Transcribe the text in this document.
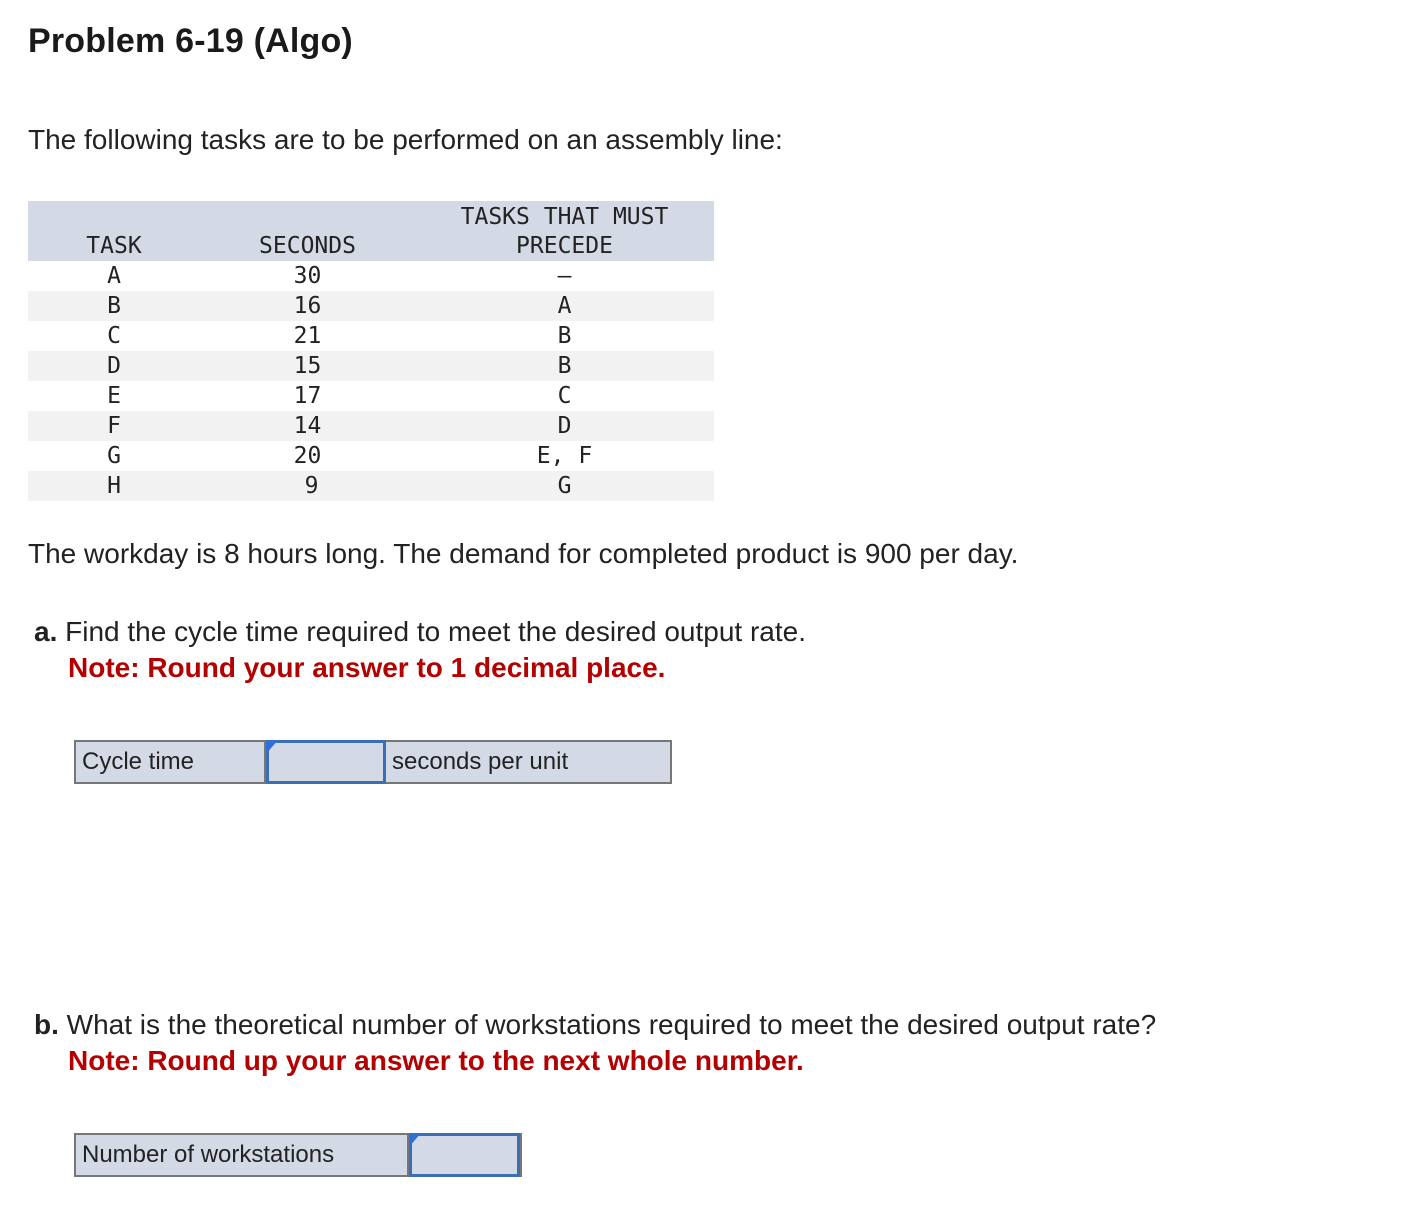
Problem 6-19 (Algo)

The following tasks are to be performed on an assembly line:

TASK	SECONDS	TASKS THAT MUST
PRECEDE
A	30	—
B	16	A
C	21	B
D	15	B
E	17	C
F	14	D
G	20	E, F
H	9	G

The workday is 8 hours long. The demand for completed product is 900 per day.

a. Find the cycle time required to meet the desired output rate.
Note: Round your answer to 1 decimal place.

Cycle time	seconds per unit

b. What is the theoretical number of workstations required to meet the desired output rate?
Note: Round up your answer to the next whole number.

Number of workstations
